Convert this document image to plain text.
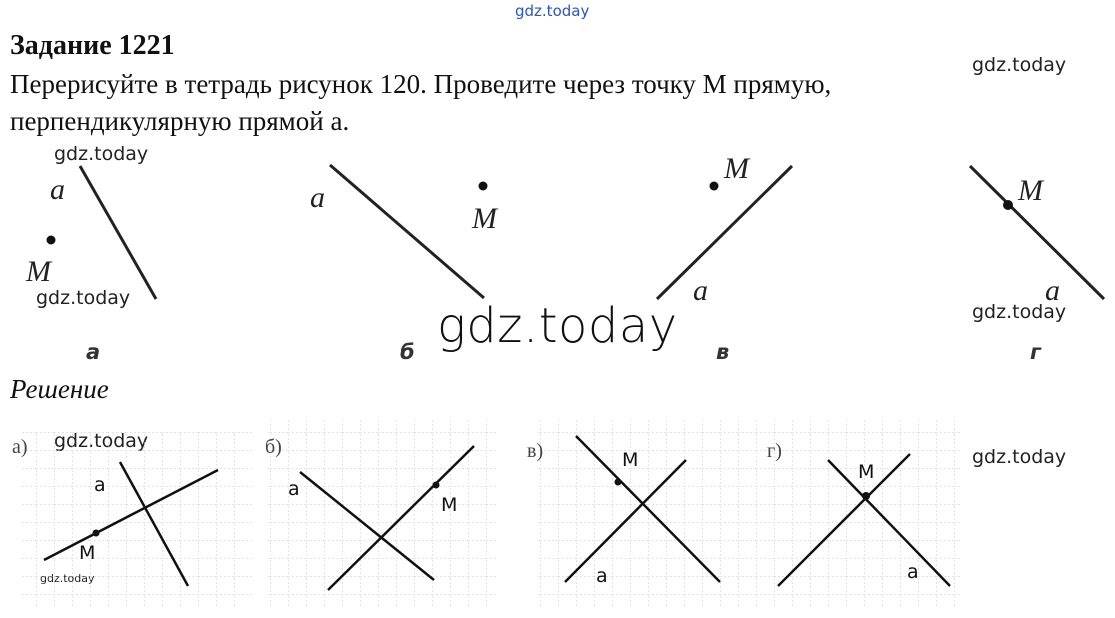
gdz.today
gdz.today
gdz.today
gdz.today
gdz.today
gdz.today
gdz.today
Задание 1221
Перерисуйте в тетрадь рисунок 120. Проведите через точку М прямую,
перпендикулярную прямой а.
a
M
a
M
M
a
M
a
а	б	в	г
Решение
a
M
a
M
M
a
M
a
а)	б)	в)	г)
